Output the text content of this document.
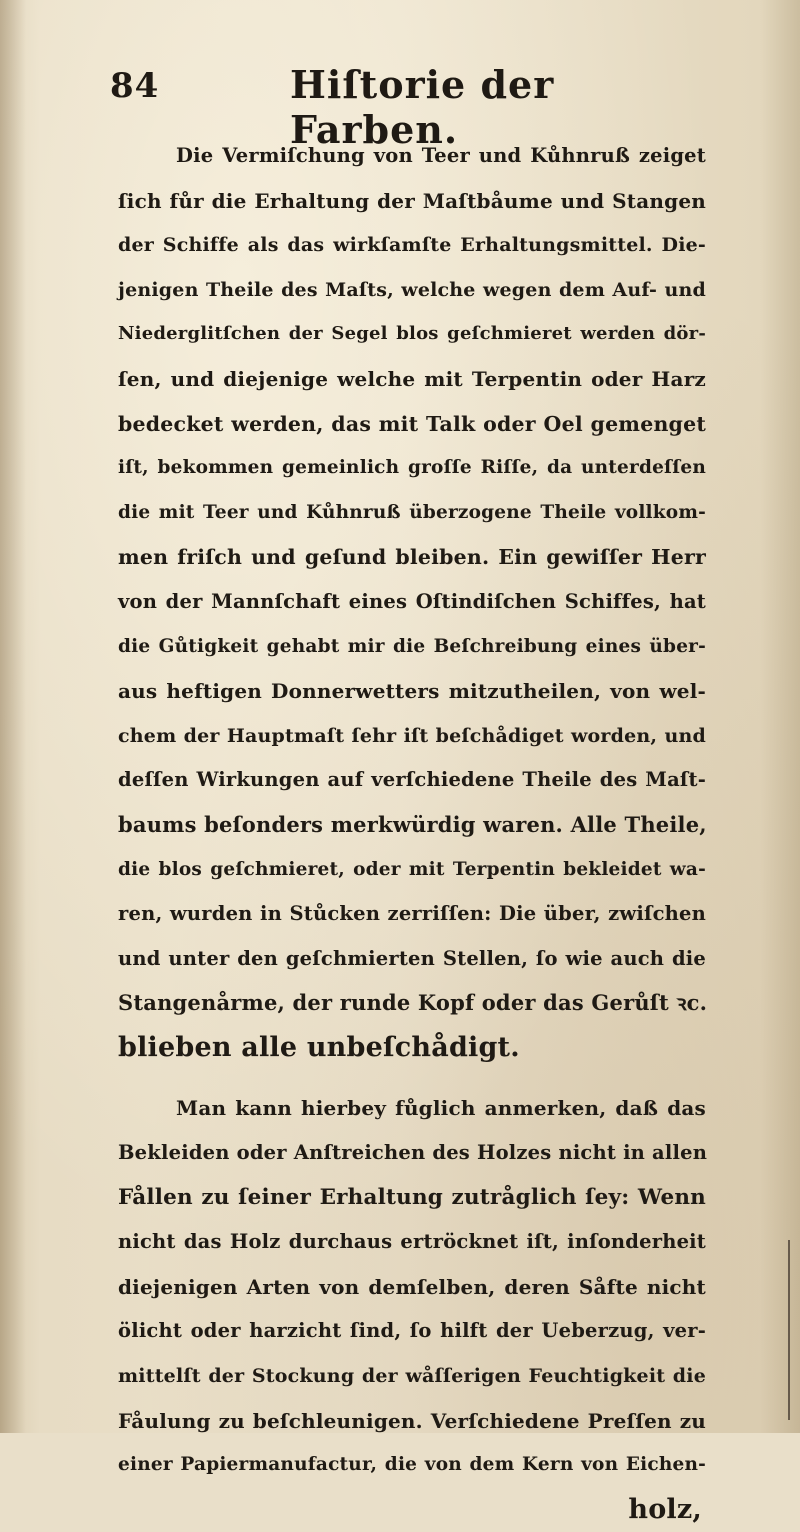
84	Hiſtorie der Farben.
Die Vermiſchung von Teer und Kůhnruß zeiget
ſich fůr die Erhaltung der Maſtbåume und Stangen
der Schiffe als das wirkſamſte Erhaltungsmittel. Die-
jenigen Theile des Maſts, welche wegen dem Auf- und
Niederglitſchen der Segel blos geſchmieret werden dör-
ſen, und diejenige welche mit Terpentin oder Harz
bedecket werden, das mit Talk oder Oel gemenget
iſt, bekommen gemeinlich groſſe Riſſe, da unterdeſſen
die mit Teer und Kůhnruß überzogene Theile vollkom-
men friſch und geſund bleiben. Ein gewiſſer Herr
von der Mannſchaft eines Oſtindiſchen Schiffes, hat
die Gůtigkeit gehabt mir die Beſchreibung eines über-
aus heftigen Donnerwetters mitzutheilen, von wel-
chem der Hauptmaſt ſehr iſt beſchådiget worden, und
deſſen Wirkungen auf verſchiedene Theile des Maſt-
baums beſonders merkwürdig waren. Alle Theile,
die blos geſchmieret, oder mit Terpentin bekleidet wa-
ren, wurden in Stůcken zerriſſen: Die über, zwiſchen
und unter den geſchmierten Stellen, ſo wie auch die
Stangenårme, der runde Kopf oder das Gerůſt ꝛc.
blieben alle unbeſchådigt.
Man kann hierbey fůglich anmerken, daß das
Bekleiden oder Anſtreichen des Holzes nicht in allen
Fållen zu ſeiner Erhaltung zutråglich ſey: Wenn
nicht das Holz durchaus ertröcknet iſt, inſonderheit
diejenigen Arten von demſelben, deren Såfte nicht
ölicht oder harzicht ſind, ſo hilft der Ueberzug, ver-
mittelſt der Stockung der wåſſerigen Feuchtigkeit die
Fåulung zu beſchleunigen. Verſchiedene Preſſen zu
einer Papiermanufactur, die von dem Kern von Eichen-
holz,
